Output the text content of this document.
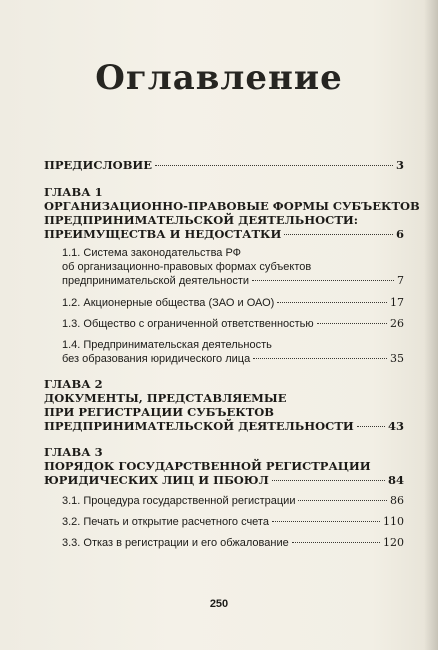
Оглавление
ПРЕДИСЛОВИЕ	3
ГЛАВА 1
ОРГАНИЗАЦИОННО-ПРАВОВЫЕ ФОРМЫ СУБЪЕКТОВ
ПРЕДПРИНИМАТЕЛЬСКОЙ ДЕЯТЕЛЬНОСТИ:
ПРЕИМУЩЕСТВА И НЕДОСТАТКИ	6
1.1. Система законодательства РФ
об организационно-правовых формах субъектов
предпринимательской деятельности	7
1.2. Акционерные общества (ЗАО и ОАО)	17
1.3. Общество с ограниченной ответственностью	26
1.4. Предпринимательская деятельность
без образования юридического лица	35
ГЛАВА 2
ДОКУМЕНТЫ, ПРЕДСТАВЛЯЕМЫЕ
ПРИ РЕГИСТРАЦИИ СУБЪЕКТОВ
ПРЕДПРИНИМАТЕЛЬСКОЙ ДЕЯТЕЛЬНОСТИ	43
ГЛАВА 3
ПОРЯДОК ГОСУДАРСТВЕННОЙ РЕГИСТРАЦИИ
ЮРИДИЧЕСКИХ ЛИЦ И ПБОЮЛ	84
3.1. Процедура государственной регистрации	86
3.2. Печать и открытие расчетного счета	110
3.3. Отказ в регистрации и его обжалование	120
250
